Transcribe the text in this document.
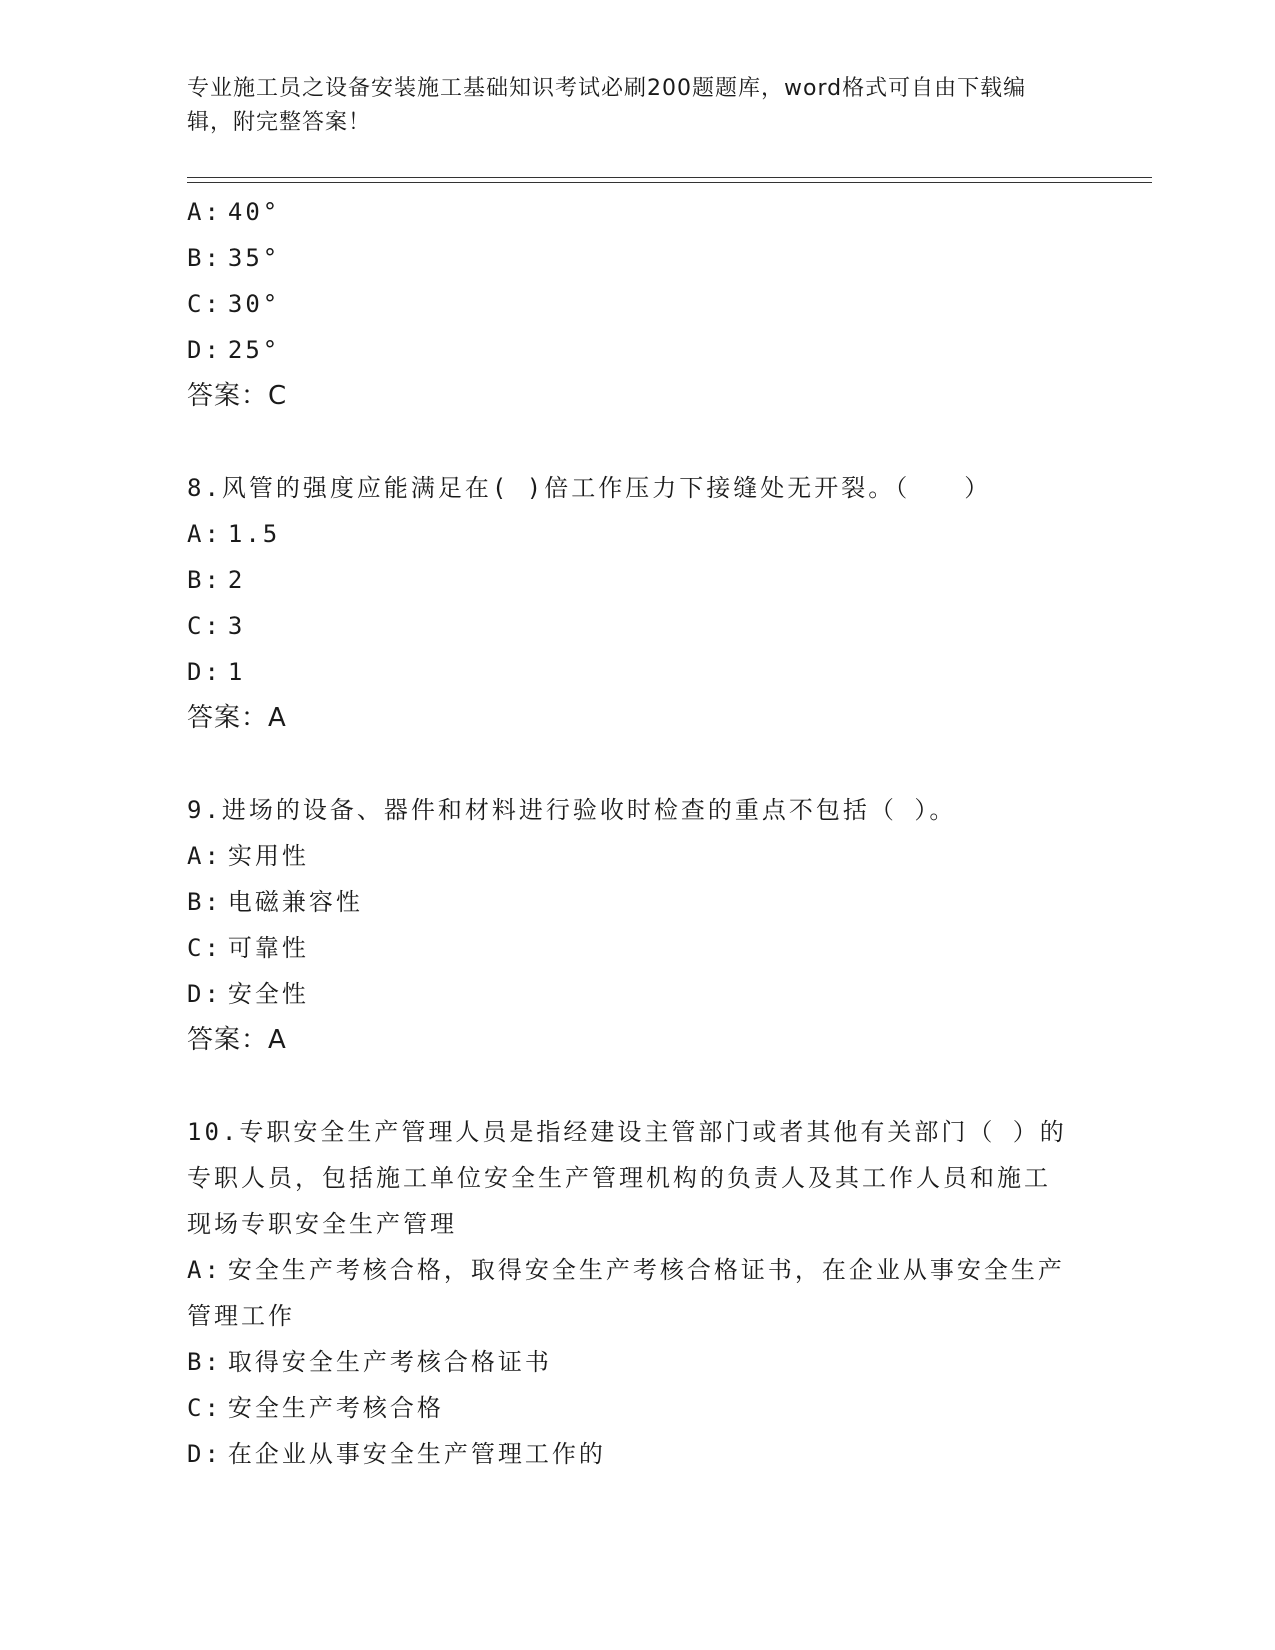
专业施工员之设备安装施工基础知识考试必刷200题题库，word格式可自由下载编辑，附完整答案！
A: 40°
B: 35°
C: 30°
D: 25°
答案：C
8.风管的强度应能满足在( )倍工作压力下接缝处无开裂。（　　）
A: 1.5
B: 2
C: 3
D: 1
答案：A
9.进场的设备、器件和材料进行验收时检查的重点不包括（ ）。
A: 实用性
B: 电磁兼容性
C: 可靠性
D: 安全性
答案：A
10.专职安全生产管理人员是指经建设主管部门或者其他有关部门（ ）的专职人员，包括施工单位安全生产管理机构的负责人及其工作人员和施工现场专职安全生产管理
A: 安全生产考核合格，取得安全生产考核合格证书，在企业从事安全生产管理工作
B: 取得安全生产考核合格证书
C: 安全生产考核合格
D: 在企业从事安全生产管理工作的
